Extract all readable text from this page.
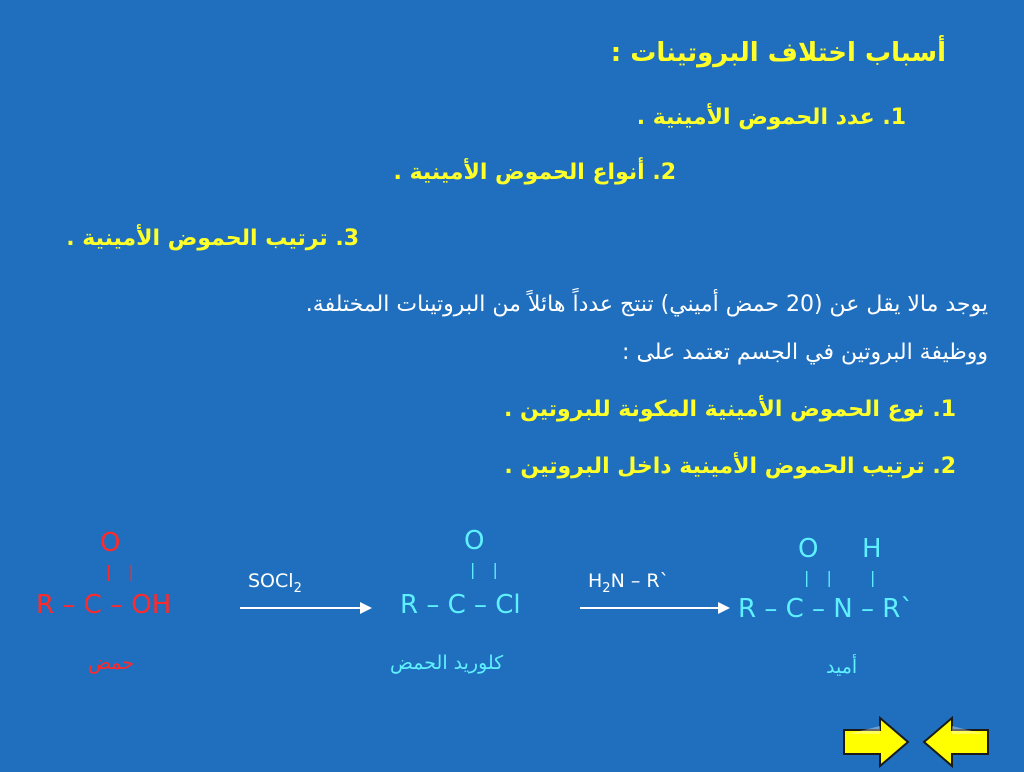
أسباب اختلاف البروتينات :
1. عدد الحموض الأمينية .
2. أنواع الحموض الأمينية .
3. ترتيب الحموض الأمينية .
يوجد مالا يقل عن (20 حمض أميني) تنتج عدداً هائلاً من البروتينات المختلفة.
ووظيفة البروتين في الجسم تعتمد على :
1. نوع الحموض الأمينية المكونة للبروتين .
2. ترتيب الحموض الأمينية داخل البروتين .
O
| |
R – C – OH
حمض
SOCl$_2$
O
| |
R – C – Cl
كلوريد الحمض
$H_2N$ – R`
O H
| | |
R – C – N – R`
أميد
